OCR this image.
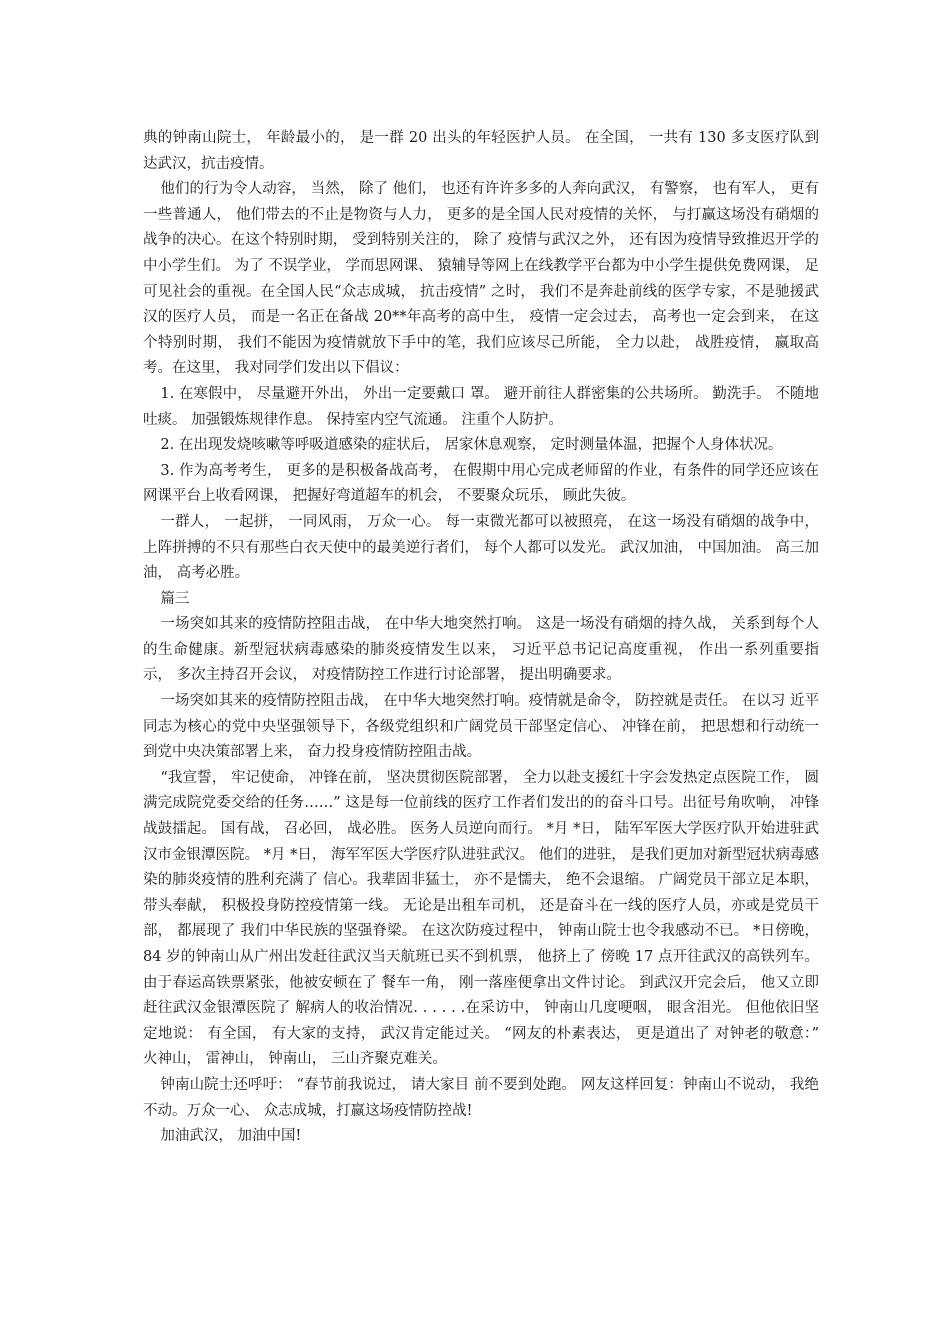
典的钟南山院士， 年龄最小的， 是一群 20 出头的年轻医护人员。 在全国， 一共有 130 多支医疗队到达武汉，抗击疫情。

他们的行为令人动容， 当然， 除了 他们， 也还有许许多多的人奔向武汉， 有警察， 也有军人， 更有一些普通人， 他们带去的不止是物资与人力， 更多的是全国人民对疫情的关怀， 与打赢这场没有硝烟的战争的决心。在这个特别时期， 受到特别关注的， 除了 疫情与武汉之外， 还有因为疫情导致推迟开学的中小学生们。 为了 不误学业， 学而思网课、 猿辅导等网上在线教学平台都为中小学生提供免费网课， 足可见社会的重视。在全国人民“众志成城， 抗击疫情” 之时， 我们不是奔赴前线的医学专家，不是驰援武汉的医疗人员， 而是一名正在备战 20**年高考的高中生， 疫情一定会过去， 高考也一定会到来， 在这个特别时期， 我们不能因为疫情就放下手中的笔，我们应该尽己所能， 全力以赴， 战胜疫情， 赢取高考。在这里， 我对同学们发出以下倡议：

1. 在寒假中， 尽量避开外出， 外出一定要戴口 罩。 避开前往人群密集的公共场所。 勤洗手。 不随地吐痰。 加强锻炼规律作息。 保持室内空气流通。 注重个人防护。

2. 在出现发烧咳嗽等呼吸道感染的症状后， 居家休息观察， 定时测量体温，把握个人身体状况。

3. 作为高考考生， 更多的是积极备战高考， 在假期中用心完成老师留的作业，有条件的同学还应该在网课平台上收看网课， 把握好弯道超车的机会， 不要聚众玩乐， 顾此失彼。

一群人， 一起拼， 一同风雨， 万众一心。 每一束微光都可以被照亮， 在这一场没有硝烟的战争中， 上阵拼搏的不只有那些白衣天使中的最美逆行者们， 每个人都可以发光。 武汉加油， 中国加油。 高三加油， 高考必胜。

篇三

一场突如其来的疫情防控阻击战， 在中华大地突然打响。 这是一场没有硝烟的持久战， 关系到每个人的生命健康。新型冠状病毒感染的肺炎疫情发生以来， 习近平总书记记高度重视， 作出一系列重要指示， 多次主持召开会议， 对疫情防控工作进行讨论部署， 提出明确要求。

一场突如其来的疫情防控阻击战， 在中华大地突然打响。疫情就是命令， 防控就是责任。 在以习 近平同志为核心的党中央坚强领导下，各级党组织和广阔党员干部坚定信心、 冲锋在前， 把思想和行动统一到党中央决策部署上来， 奋力投身疫情防控阻击战。

“我宣誓， 牢记使命， 冲锋在前， 坚决贯彻医院部署， 全力以赴支援红十字会发热定点医院工作， 圆满完成院党委交给的任务……” 这是每一位前线的医疗工作者们发出的的奋斗口号。出征号角吹响， 冲锋战鼓擂起。 国有战， 召必回， 战必胜。 医务人员逆向而行。 *月 *日， 陆军军医大学医疗队开始进驻武汉市金银潭医院。 *月 *日， 海军军医大学医疗队进驻武汉。 他们的进驻， 是我们更加对新型冠状病毒感染的肺炎疫情的胜利充满了 信心。我辈固非猛士， 亦不是懦夫， 绝不会退缩。 广阔党员干部立足本职， 带头奉献， 积极投身防控疫情第一线。 无论是出租车司机， 还是奋斗在一线的医疗人员，亦或是党员干部， 都展现了 我们中华民族的坚强脊梁。 在这次防疫过程中， 钟南山院士也令我感动不已。 *日傍晚， 84 岁的钟南山从广州出发赶往武汉当天航班已买不到机票， 他挤上了 傍晚 17 点开往武汉的高铁列车。 由于春运高铁票紧张，他被安顿在了 餐车一角， 刚一落座便拿出文件讨论。 到武汉开完会后， 他又立即赶往武汉金银潭医院了 解病人的收治情况. . . . . .在采访中， 钟南山几度哽咽， 眼含泪光。 但他依旧坚定地说： 有全国， 有大家的支持， 武汉肯定能过关。 “网友的朴素表达， 更是道出了 对钟老的敬意：” 火神山， 雷神山， 钟南山， 三山齐聚克难关。

钟南山院士还呼吁： “春节前我说过， 请大家目 前不要到处跑。 网友这样回复：钟南山不说动， 我绝不动。万众一心、 众志成城，打赢这场疫情防控战!

加油武汉， 加油中国!
